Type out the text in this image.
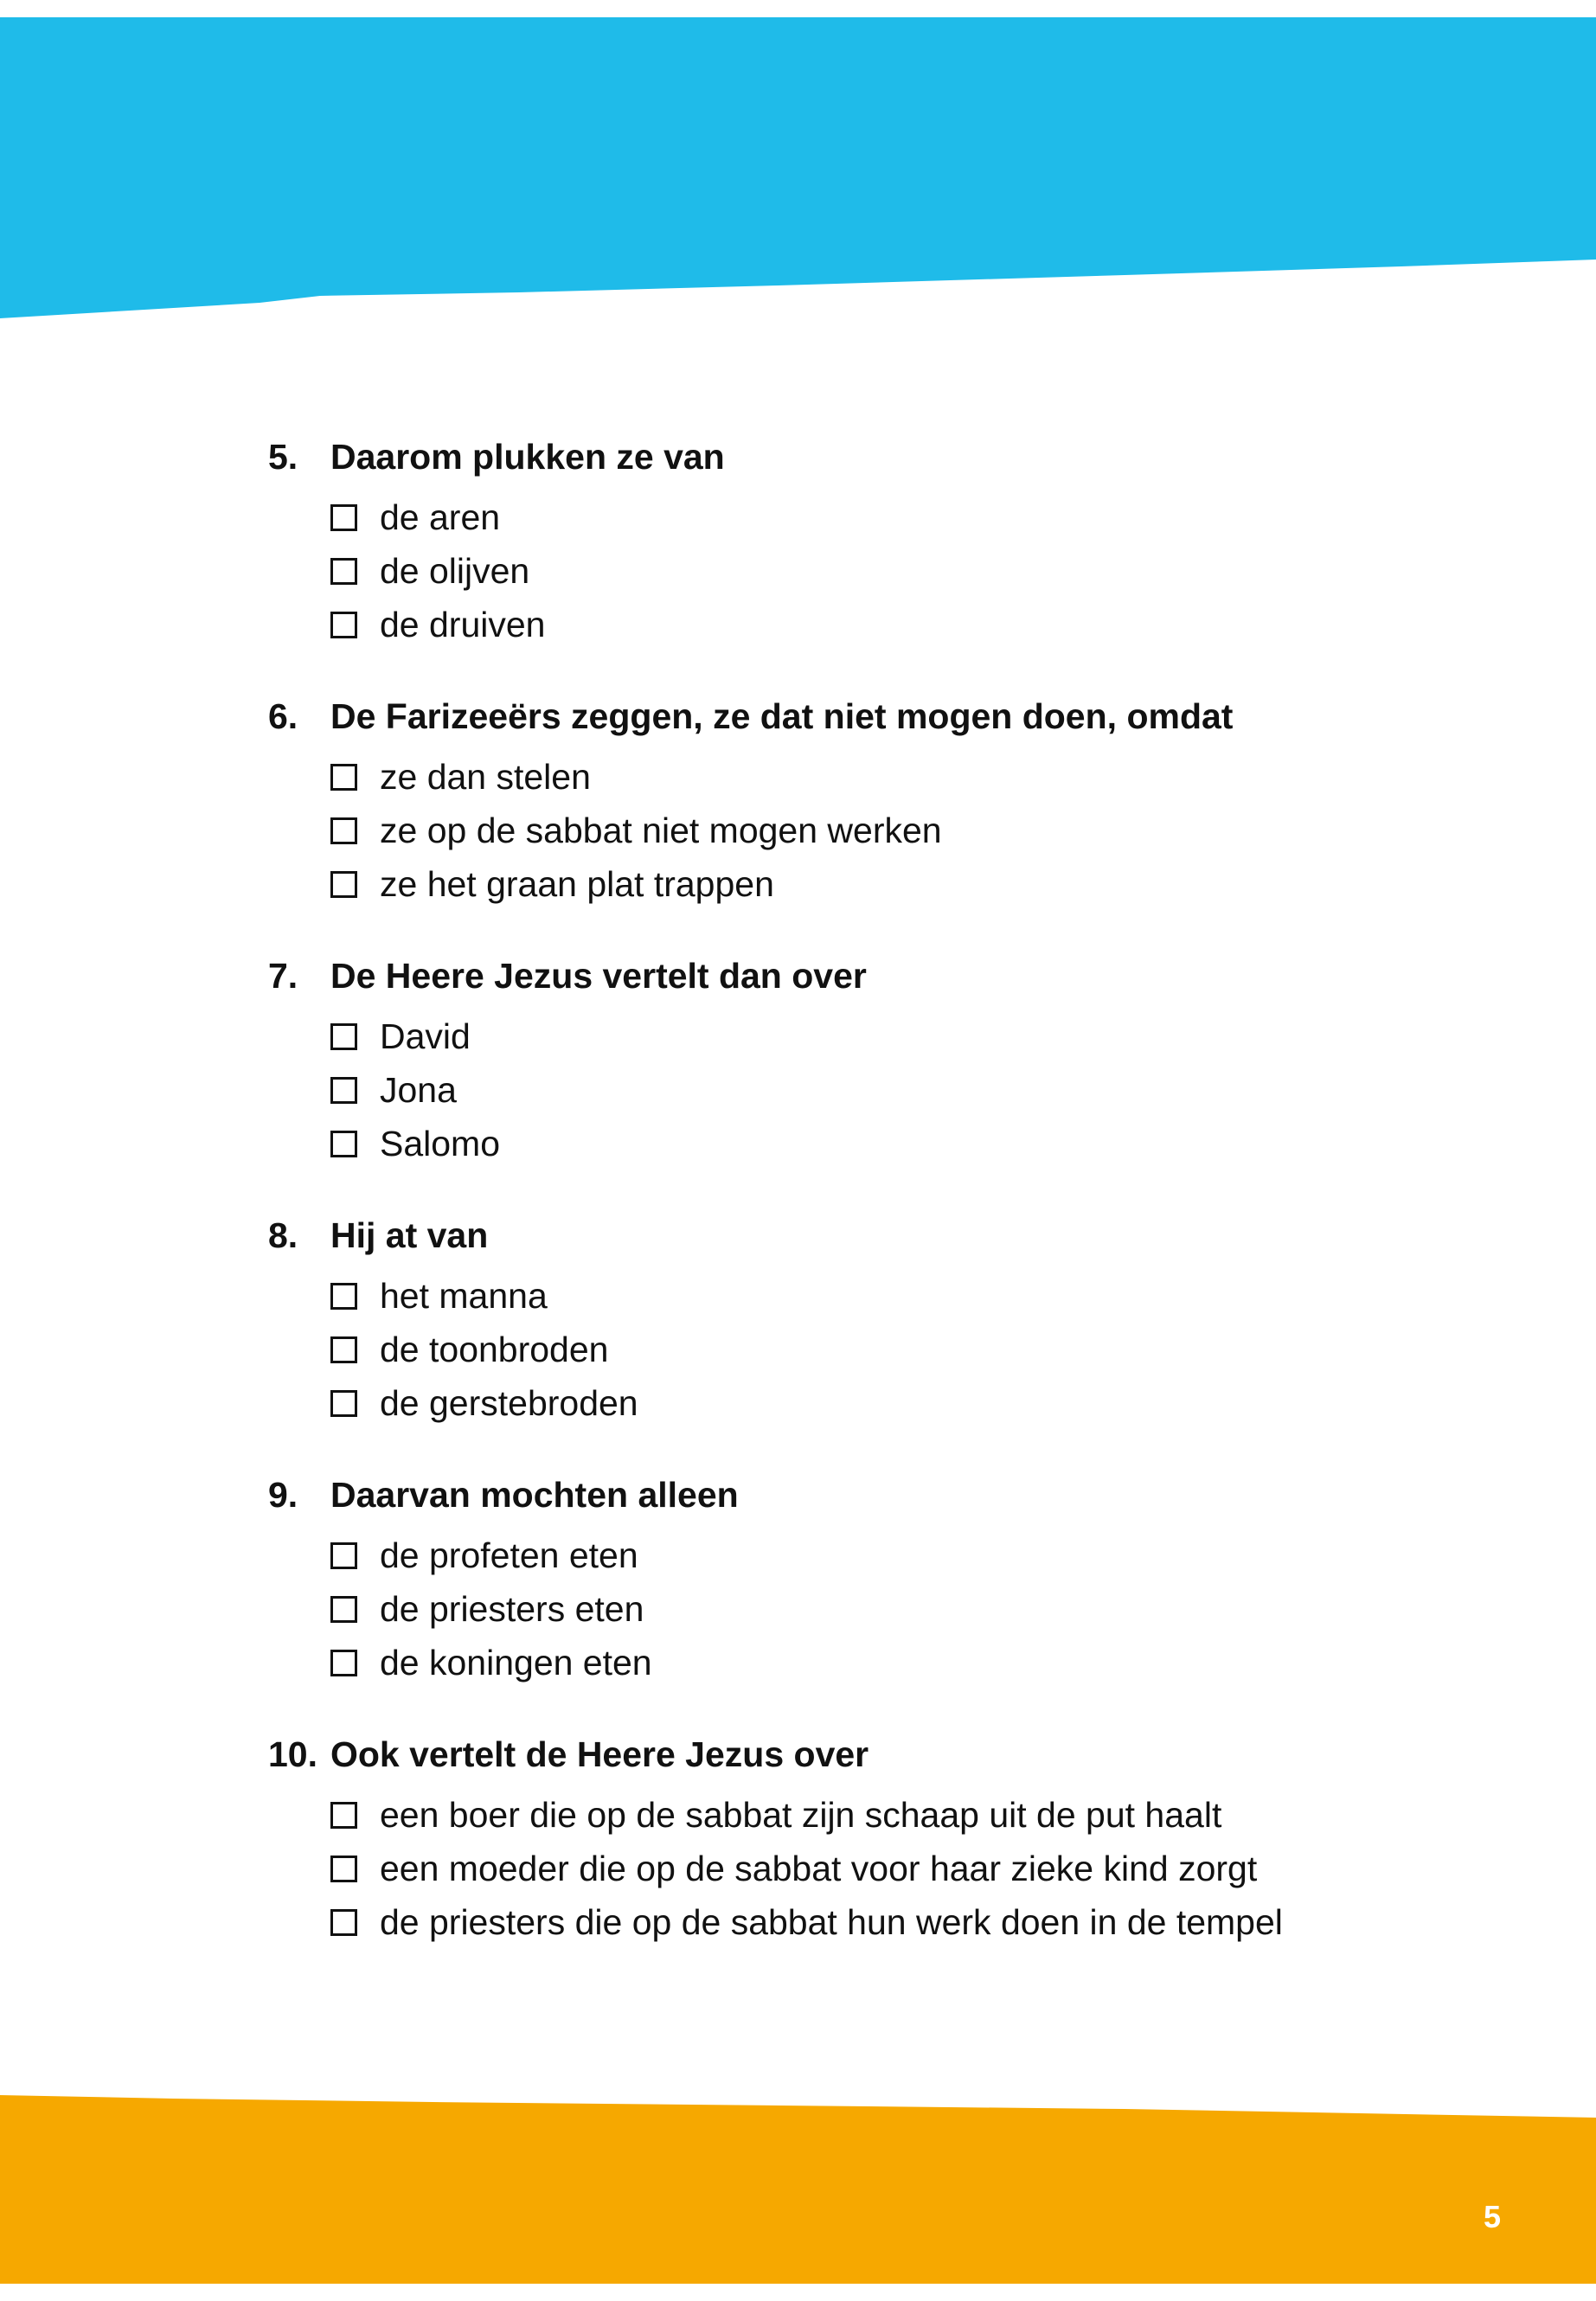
5. Daarom plukken ze van
de aren
de olijven
de druiven
6. De Farizeeërs zeggen, ze dat niet mogen doen, omdat
ze dan stelen
ze op de sabbat niet mogen werken
ze het graan plat trappen
7. De Heere Jezus vertelt dan over
David
Jona
Salomo
8. Hij at van
het manna
de toonbroden
de gerstebroden
9. Daarvan mochten alleen
de profeten eten
de priesters eten
de koningen eten
10. Ook vertelt de Heere Jezus over
een boer die op de sabbat zijn schaap uit de put haalt
een moeder die op de sabbat voor haar zieke kind zorgt
de priesters die op de sabbat hun werk doen in de tempel
5
